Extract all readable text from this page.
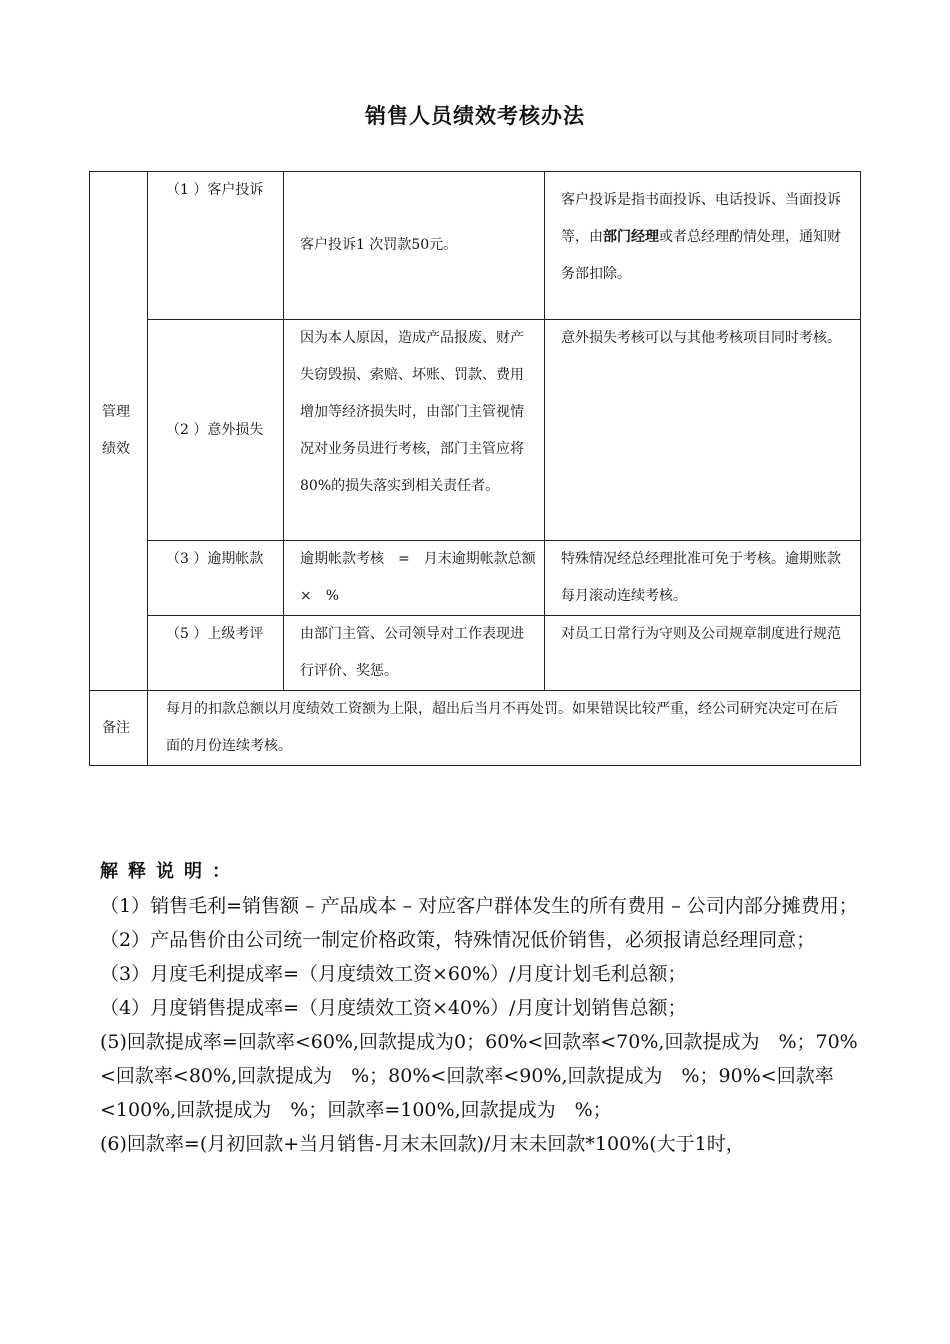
销售人员绩效考核办法
管理绩效	（1 ）客户投诉	客户投诉1 次罚款50元。	客户投诉是指书面投诉、电话投诉、当面投诉等，由部门经理或者总经理酌情处理，通知财务部扣除。
	（2 ）意外损失	因为本人原因，造成产品报废、财产失窃毁损、索赔、坏账、罚款、费用增加等经济损失时，由部门主管视情况对业务员进行考核，部门主管应将80%的损失落实到相关责任者。	意外损失考核可以与其他考核项目同时考核。
	（3 ）逾期帐款	逾期帐款考核　=　月末逾期帐款总额×　%	特殊情况经总经理批准可免于考核。逾期账款每月滚动连续考核。
	（5 ）上级考评	由部门主管、公司领导对工作表现进行评价、奖惩。	对员工日常行为守则及公司规章制度进行规范
备注	每月的扣款总额以月度绩效工资额为上限，超出后当月不再处罚。如果错误比较严重，经公司研究决定可在后面的月份连续考核。		
解释说明：

（1）销售毛利=销售额 – 产品成本 – 对应客户群体发生的所有费用 – 公司内部分摊费用；

（2）产品售价由公司统一制定价格政策，特殊情况低价销售，必须报请总经理同意；

（3）月度毛利提成率=（月度绩效工资×60%）/月度计划毛利总额；

（4）月度销售提成率=（月度绩效工资×40%）/月度计划销售总额；

(5)回款提成率=回款率<60%,回款提成为0；60%<回款率<70%,回款提成为　%；70%<回款率<80%,回款提成为　%；80%<回款率<90%,回款提成为　%；90%<回款率<100%,回款提成为　%；回款率=100%,回款提成为　%；

(6)回款率=(月初回款+当月销售-月末未回款)/月末未回款*100%(大于1时，
